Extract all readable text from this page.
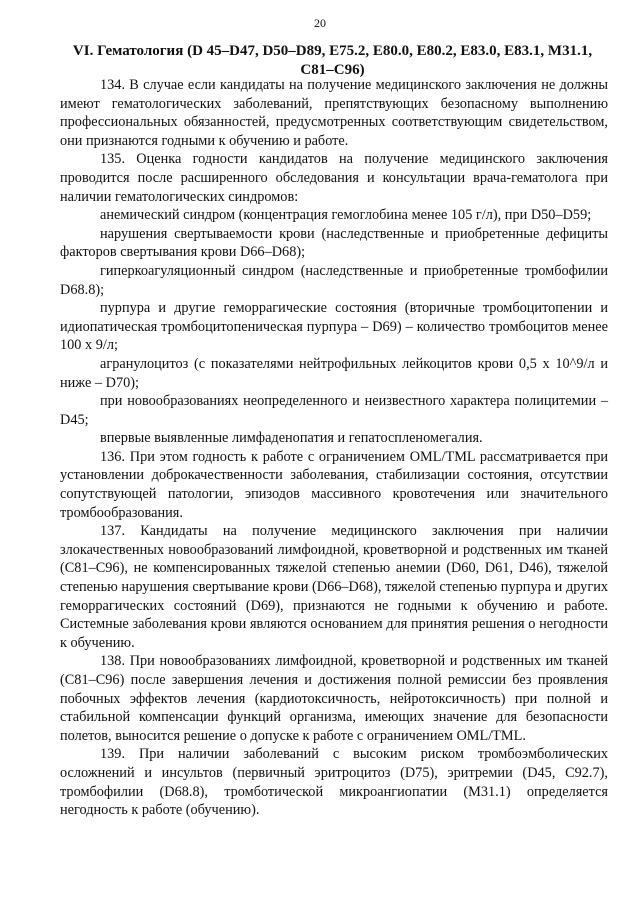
20
VI. Гематология (D 45–D47, D50–D89, E75.2, E80.0, E80.2, E83.0, E83.1, M31.1,
C81–C96)

134. В случае если кандидаты на получение медицинского заключения не должны имеют гематологических заболеваний, препятствующих безопасному выполнению профессиональных обязанностей, предусмотренных соответствующим свидетельством, они признаются годными к обучению и работе.

135. Оценка годности кандидатов на получение медицинского заключения проводится после расширенного обследования и консультации врача-гематолога при наличии гематологических синдромов:

анемический синдром (концентрация гемоглобина менее 105 г/л), при D50–D59;

нарушения свертываемости крови (наследственные и приобретенные дефициты факторов свертывания крови D66–D68);

гиперкоагуляционный синдром (наследственные и приобретенные тромбофилии D68.8);

пурпура и другие геморрагические состояния (вторичные тромбоцитопении и идиопатическая тромбоцитопеническая пурпура – D69) – количество тромбоцитов менее 100 х 9/л;

агранулоцитоз (с показателями нейтрофильных лейкоцитов крови 0,5 х 10^9/л и ниже – D70);

при новообразованиях неопределенного и неизвестного характера полицитемии – D45;

впервые выявленные лимфаденопатия и гепатоспленомегалия.

136. При этом годность к работе с ограничением OML/TML рассматривается при установлении доброкачественности заболевания, стабилизации состояния, отсутствии сопутствующей патологии, эпизодов массивного кровотечения или значительного тромбообразования.

137. Кандидаты на получение медицинского заключения при наличии злокачественных новообразований лимфоидной, кроветворной и родственных им тканей (C81–C96), не компенсированных тяжелой степенью анемии (D60, D61, D46), тяжелой степенью нарушения свертывание крови (D66–D68), тяжелой степенью пурпура и других геморрагических состояний (D69), признаются не годными к обучению и работе. Системные заболевания крови являются основанием для принятия решения о негодности к обучению.

138. При новообразованиях лимфоидной, кроветворной и родственных им тканей (C81–C96) после завершения лечения и достижения полной ремиссии без проявления побочных эффектов лечения (кардиотоксичность, нейротоксичность) при полной и стабильной компенсации функций организма, имеющих значение для безопасности полетов, выносится решение о допуске к работе с ограничением OML/TML.

139. При наличии заболеваний с высоким риском тромбоэмболических осложнений и инсультов (первичный эритроцитоз (D75), эритремии (D45, C92.7), тромбофилии (D68.8), тромботической микроангиопатии (M31.1) определяется негодность к работе (обучению).
